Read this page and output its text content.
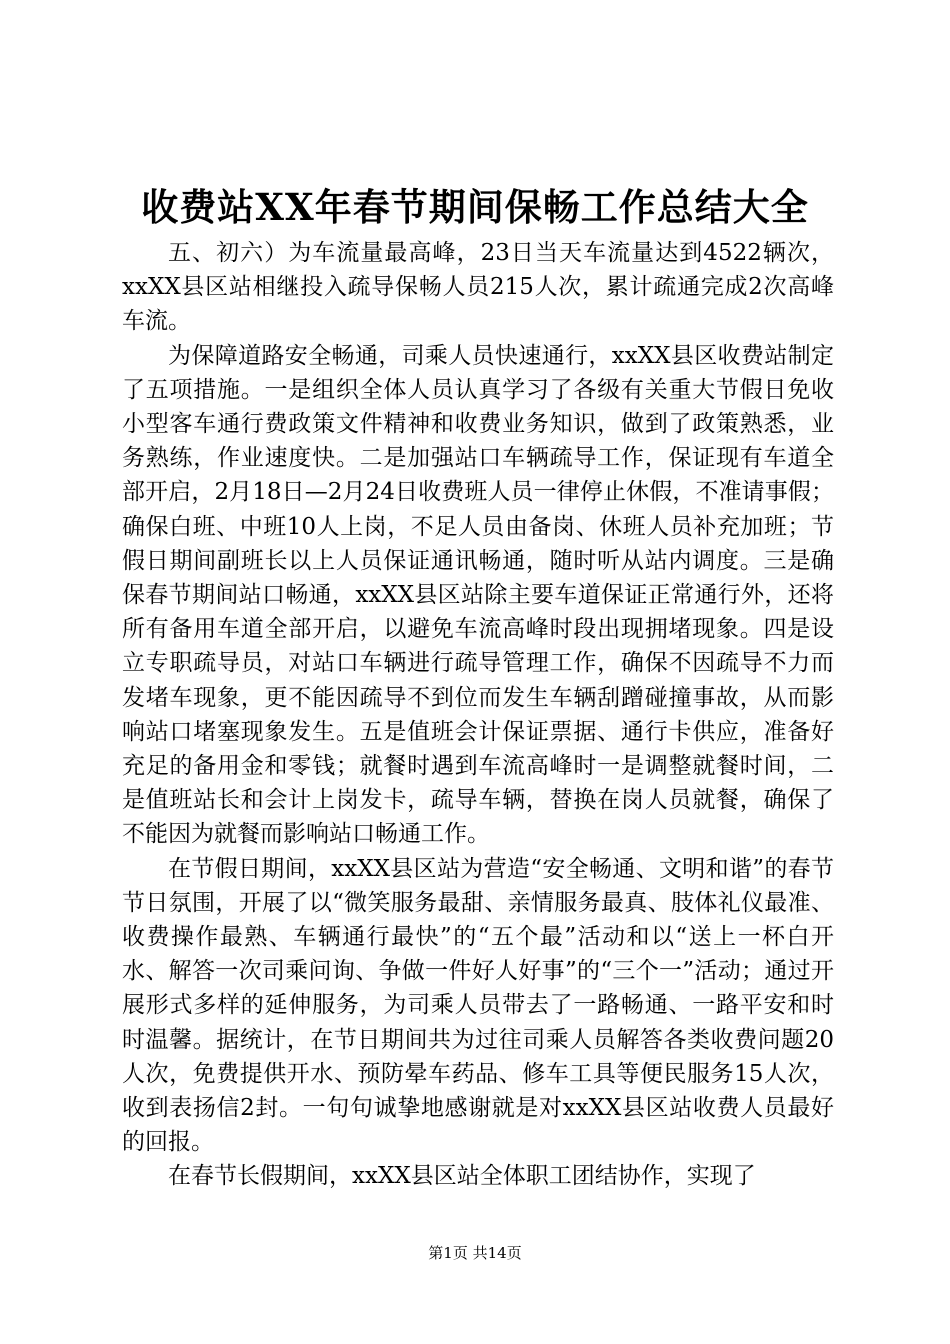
收费站XX年春节期间保畅工作总结大全

五、初六）为车流量最高峰，23日当天车流量达到4522辆次，xxXX县区站相继投入疏导保畅人员215人次，累计疏通完成2次高峰车流。

为保障道路安全畅通，司乘人员快速通行，xxXX县区收费站制定了五项措施。一是组织全体人员认真学习了各级有关重大节假日免收小型客车通行费政策文件精神和收费业务知识，做到了政策熟悉，业务熟练，作业速度快。二是加强站口车辆疏导工作，保证现有车道全部开启，2月18日—2月24日收费班人员一律停止休假，不准请事假；确保白班、中班10人上岗，不足人员由备岗、休班人员补充加班；节假日期间副班长以上人员保证通讯畅通，随时听从站内调度。三是确保春节期间站口畅通，xxXX县区站除主要车道保证正常通行外，还将所有备用车道全部开启，以避免车流高峰时段出现拥堵现象。四是设立专职疏导员，对站口车辆进行疏导管理工作，确保不因疏导不力而发堵车现象，更不能因疏导不到位而发生车辆刮蹭碰撞事故，从而影响站口堵塞现象发生。五是值班会计保证票据、通行卡供应，准备好充足的备用金和零钱；就餐时遇到车流高峰时一是调整就餐时间，二是值班站长和会计上岗发卡，疏导车辆，替换在岗人员就餐，确保了不能因为就餐而影响站口畅通工作。

在节假日期间，xxXX县区站为营造“安全畅通、文明和谐”的春节节日氛围，开展了以“微笑服务最甜、亲情服务最真、肢体礼仪最准、收费操作最熟、车辆通行最快”的“五个最”活动和以“送上一杯白开水、解答一次司乘问询、争做一件好人好事”的“三个一”活动；通过开展形式多样的延伸服务，为司乘人员带去了一路畅通、一路平安和时时温馨。据统计，在节日期间共为过往司乘人员解答各类收费问题20人次，免费提供开水、预防晕车药品、修车工具等便民服务15人次，收到表扬信2封。一句句诚挚地感谢就是对xxXX县区站收费人员最好的回报。

在春节长假期间，xxXX县区站全体职工团结协作，实现了

第1页 共14页
